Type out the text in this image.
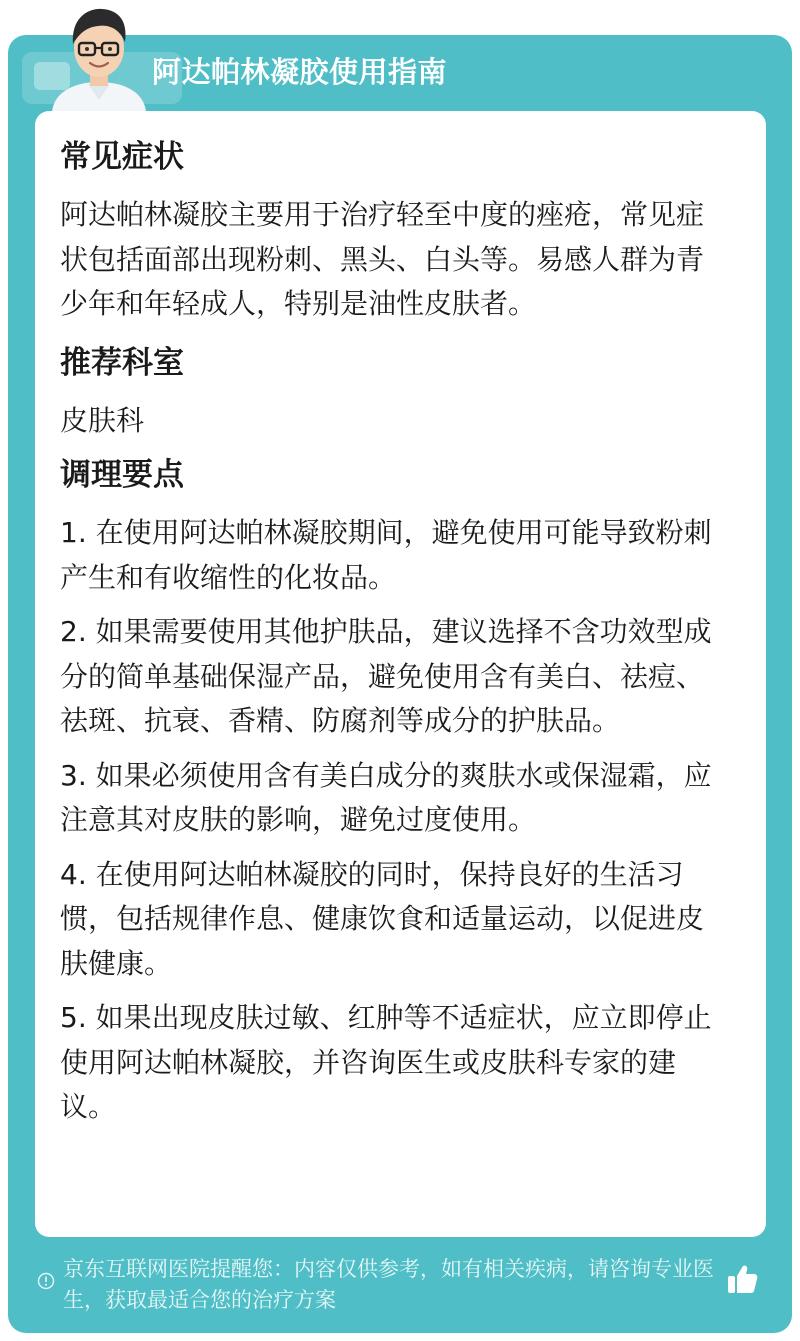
阿达帕林凝胶使用指南
常见症状

阿达帕林凝胶主要用于治疗轻至中度的痤疮，常见症状包括面部出现粉刺、黑头、白头等。易感人群为青少年和年轻成人，特别是油性皮肤者。

推荐科室

皮肤科

调理要点

1. 在使用阿达帕林凝胶期间，避免使用可能导致粉刺产生和有收缩性的化妆品。

2. 如果需要使用其他护肤品，建议选择不含功效型成分的简单基础保湿产品，避免使用含有美白、祛痘、祛斑、抗衰、香精、防腐剂等成分的护肤品。

3. 如果必须使用含有美白成分的爽肤水或保湿霜，应注意其对皮肤的影响，避免过度使用。

4. 在使用阿达帕林凝胶的同时，保持良好的生活习惯，包括规律作息、健康饮食和适量运动，以促进皮肤健康。

5. 如果出现皮肤过敏、红肿等不适症状，应立即停止使用阿达帕林凝胶，并咨询医生或皮肤科专家的建议。

京东互联网医院提醒您：内容仅供参考，如有相关疾病，请咨询专业医生，获取最适合您的治疗方案
